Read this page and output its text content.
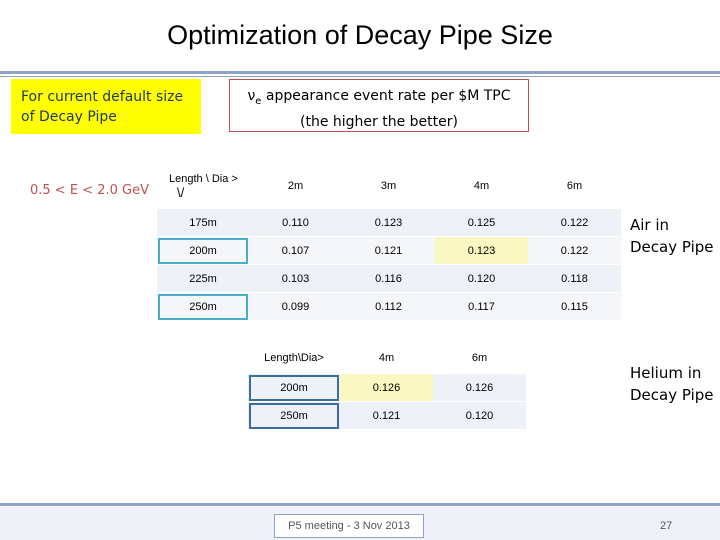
Optimization of Decay Pipe Size
For current default size
of Decay Pipe
$\nu_e$ appearance event rate per $M TPC
(the higher the better)
0.5 < E < 2.0 GeV
Length \ Dia >
\/	2m	3m	4m	6m
175m	0.110	0.123	0.125	0.122
200m	0.107	0.121	0.123	0.122
225m	0.103	0.116	0.120	0.118
250m	0.099	0.112	0.117	0.115
Air in
Decay Pipe
Length\Dia>	4m	6m
200m	0.126	0.126
250m	0.121	0.120
Helium in
Decay Pipe
P5 meeting - 3 Nov 2013	27
